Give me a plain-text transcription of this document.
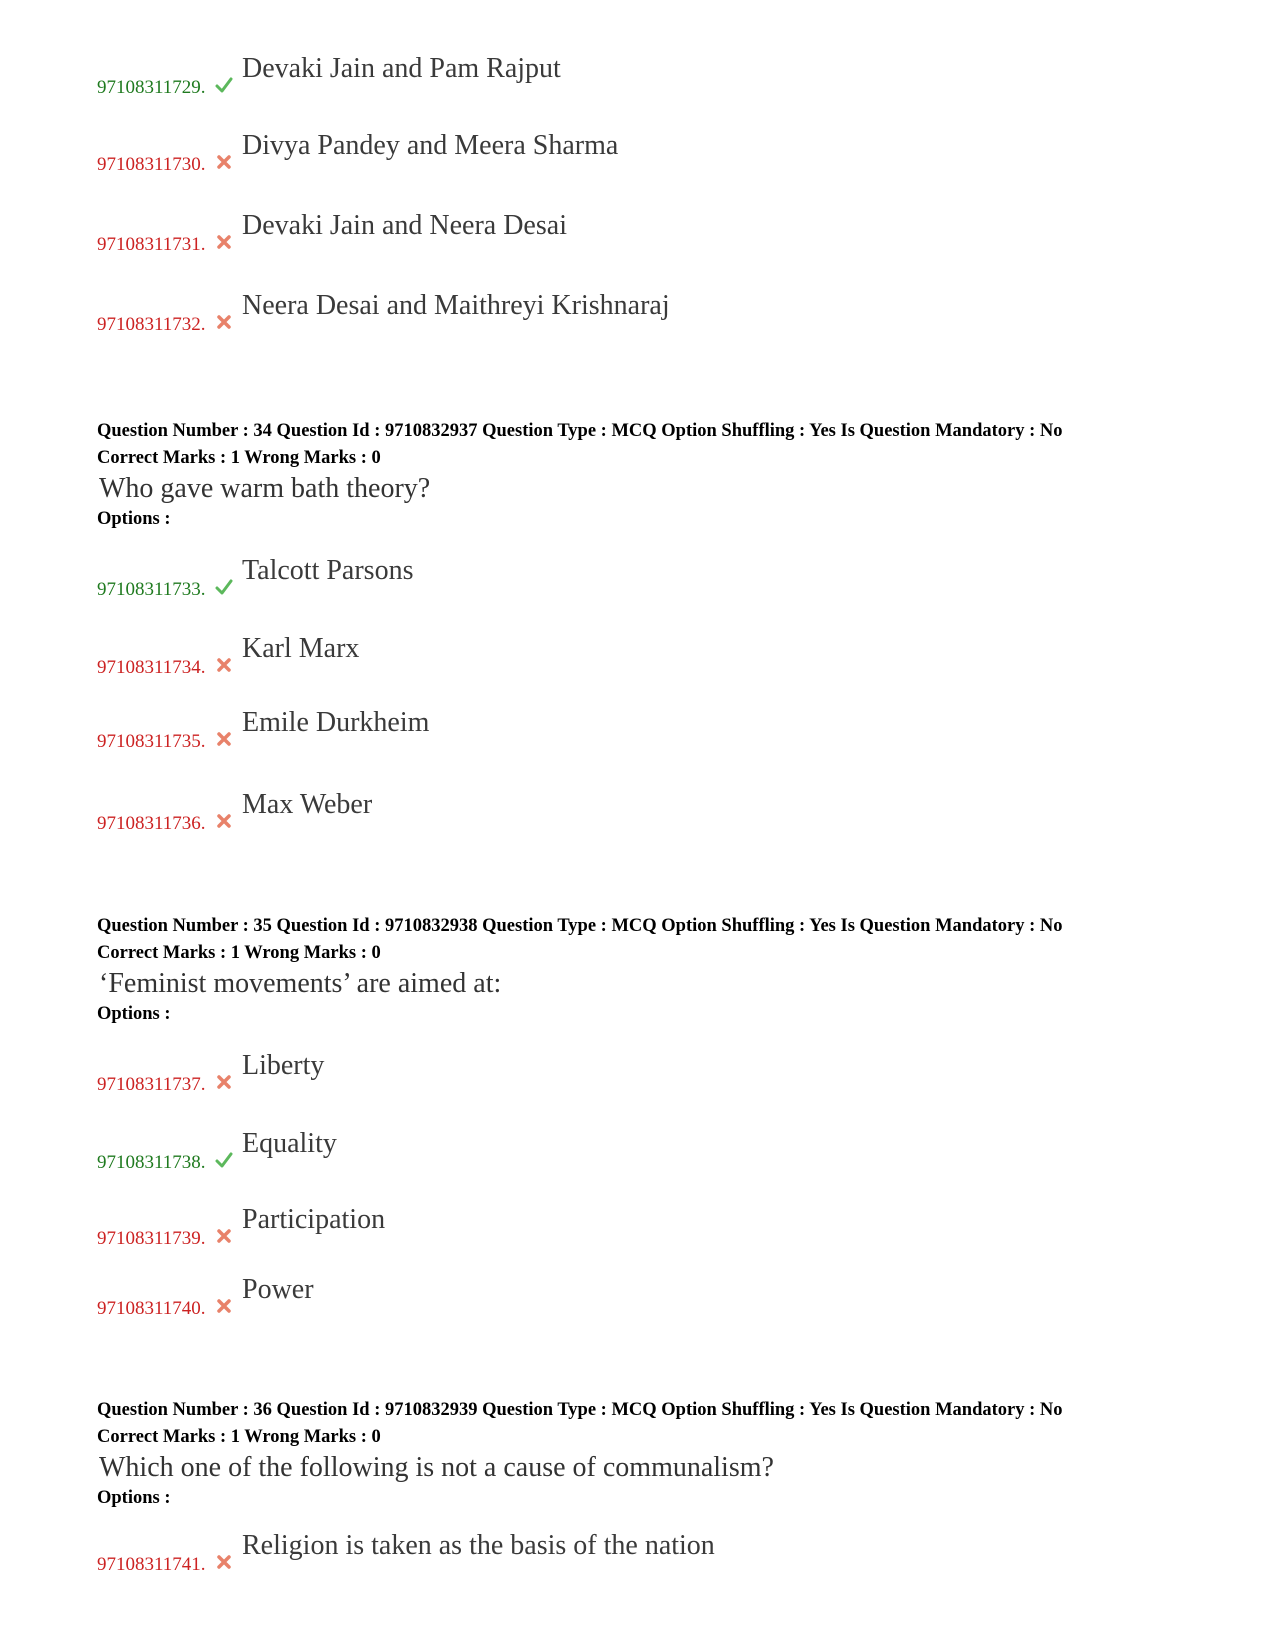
97108311729.
Devaki Jain and Pam Rajput
97108311730.
Divya Pandey and Meera Sharma
97108311731.
Devaki Jain and Neera Desai
97108311732.
Neera Desai and Maithreyi Krishnaraj
Question Number : 34 Question Id : 9710832937 Question Type : MCQ Option Shuffling : Yes Is Question Mandatory : No
Correct Marks : 1 Wrong Marks : 0
Who gave warm bath theory?
Options :
97108311733.
Talcott Parsons
97108311734.
Karl Marx
97108311735.
Emile Durkheim
97108311736.
Max Weber
Question Number : 35 Question Id : 9710832938 Question Type : MCQ Option Shuffling : Yes Is Question Mandatory : No
Correct Marks : 1 Wrong Marks : 0
‘Feminist movements’ are aimed at:
Options :
97108311737.
Liberty
97108311738.
Equality
97108311739.
Participation
97108311740.
Power
Question Number : 36 Question Id : 9710832939 Question Type : MCQ Option Shuffling : Yes Is Question Mandatory : No
Correct Marks : 1 Wrong Marks : 0
Which one of the following is not a cause of communalism?
Options :
97108311741.
Religion is taken as the basis of the nation
